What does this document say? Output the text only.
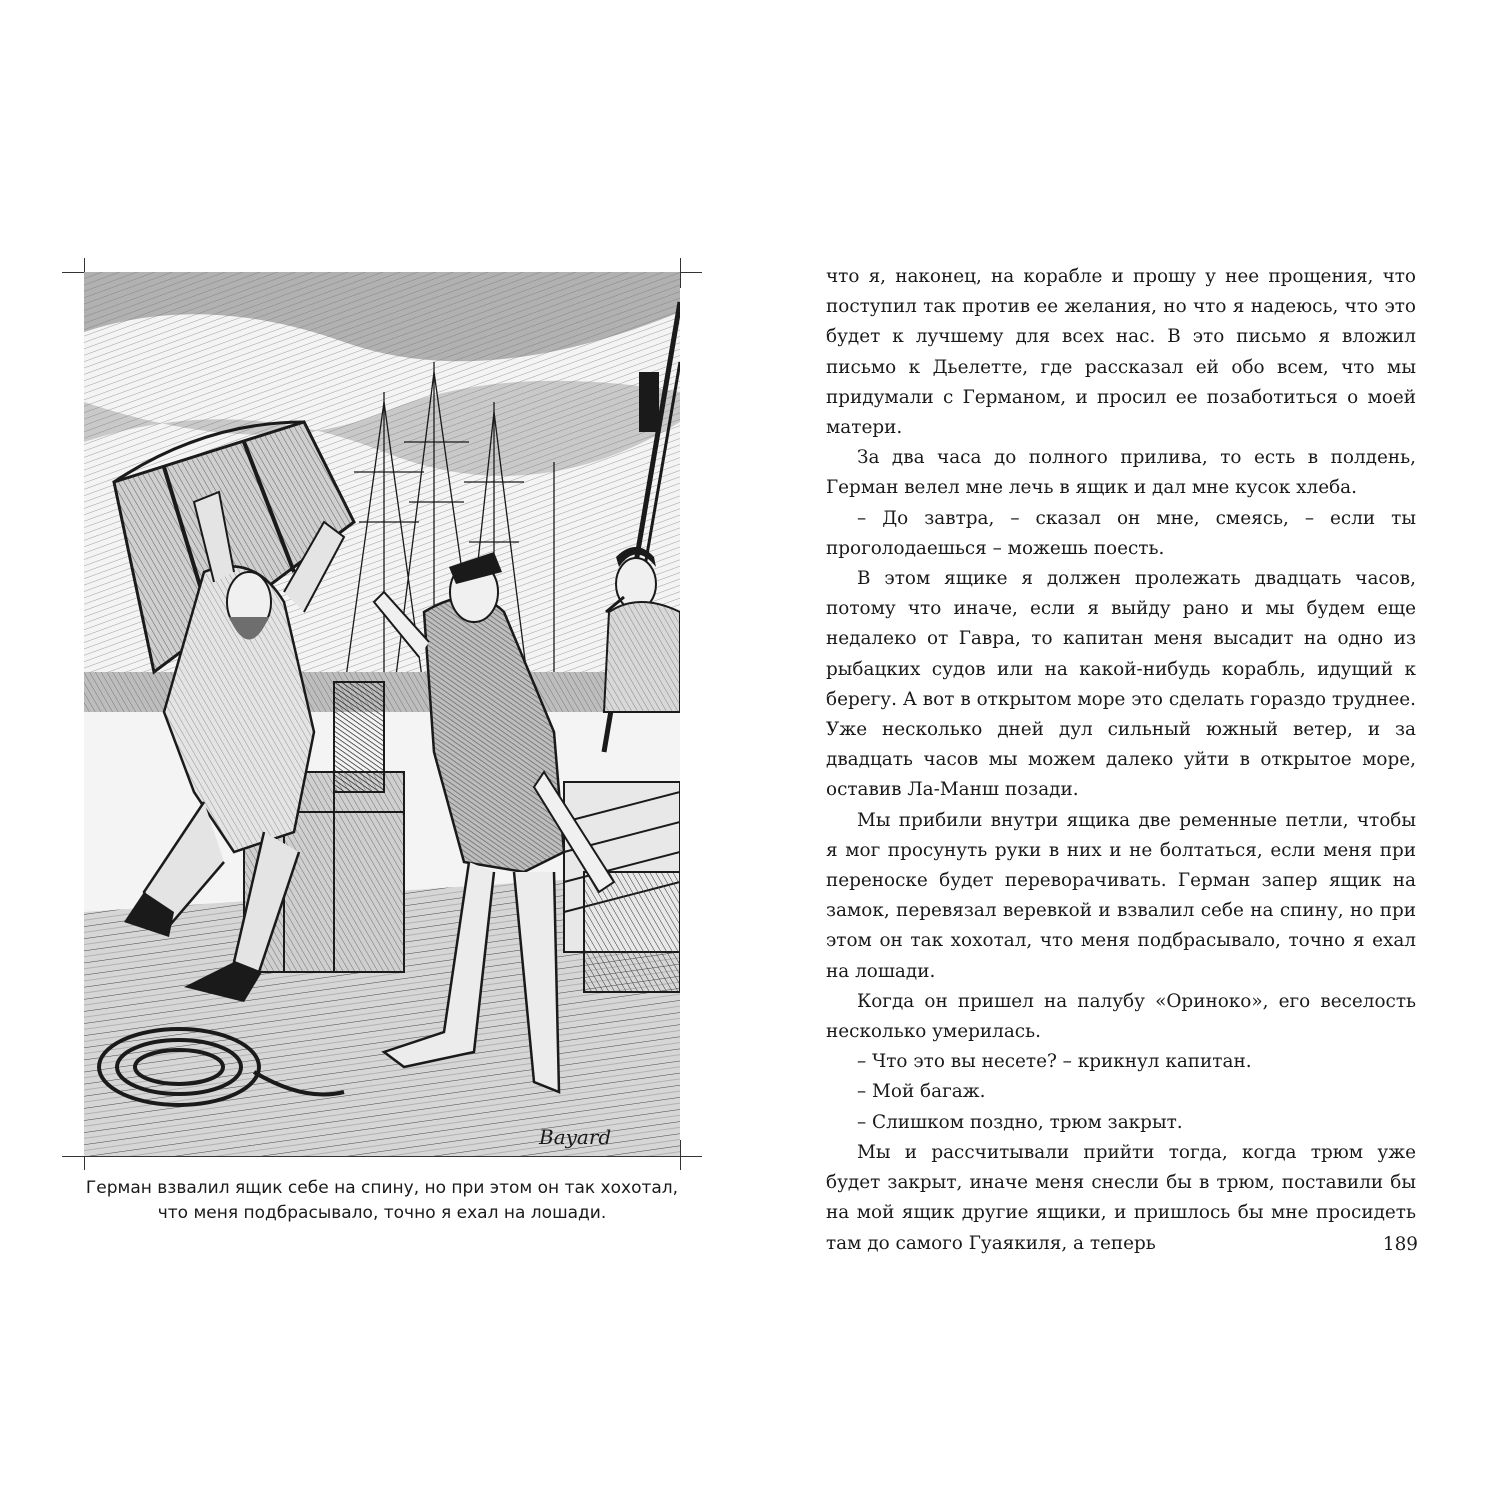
Bayard
Герман взвалил ящик себе на спину, но при этом он так хохотал,
что меня подбрасывало, точно я ехал на лошади.

что я, наконец, на корабле и прошу у нее прощения, что поступил так против ее желания, но что я надеюсь, что это будет к лучшему для всех нас. В это письмо я вложил письмо к Дьелетте, где рассказал ей обо всем, что мы придумали с Германом, и просил ее позаботиться о моей матери.

За два часа до полного прилива, то есть в полдень, Герман велел мне лечь в ящик и дал мне кусок хлеба.

– До завтра, – сказал он мне, смеясь, – если ты проголодаешься – можешь поесть.

В этом ящике я должен пролежать двадцать часов, потому что иначе, если я выйду рано и мы будем еще недалеко от Гавра, то капитан меня высадит на одно из рыбацких судов или на какой-нибудь корабль, идущий к берегу. А вот в открытом море это сделать гораздо труднее. Уже несколько дней дул сильный южный ветер, и за двадцать часов мы можем далеко уйти в открытое море, оставив Ла-Манш позади.

Мы прибили внутри ящика две ременные петли, чтобы я мог просунуть руки в них и не болтаться, если меня при переноске будет переворачивать. Герман запер ящик на замок, перевязал веревкой и взвалил себе на спину, но при этом он так хохотал, что меня подбрасывало, точно я ехал на лошади.

Когда он пришел на палубу «Ориноко», его веселость несколько умерилась.

– Что это вы несете? – крикнул капитан.

– Мой багаж.

– Слишком поздно, трюм закрыт.

Мы и рассчитывали прийти тогда, когда трюм уже будет закрыт, иначе меня снесли бы в трюм, поставили бы на мой ящик другие ящики, и пришлось бы мне просидеть там до самого Гуаякиля, а теперь	189
